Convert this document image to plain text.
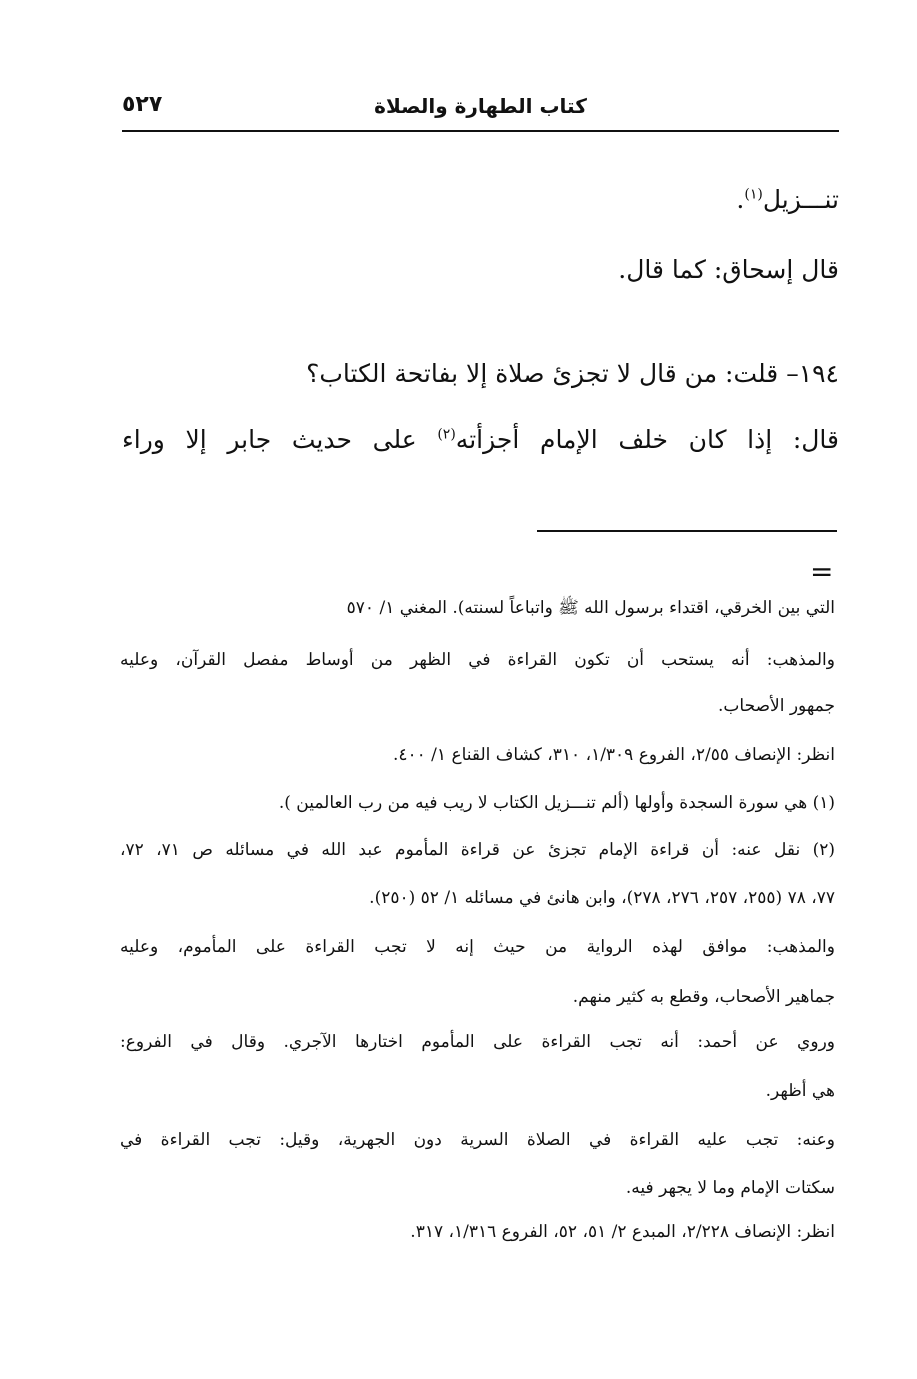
٥٢٧	كتاب الطهارة والصلاة
تنـــزيل$^{(١)}$.
قال إسحاق: كما قال.
١٩٤– قلت: من قال لا تجزئ صلاة إلا بفاتحة الكتاب؟
قال: إذا كان خلف الإمام أجزأته$^{(٢)}$ على حديث جابر إلا وراء
=
التي بين الخرقي، اقتداء برسول الله ﷺ واتباعاً لسنته). المغني ١/ ٥٧٠
والمذهب: أنه يستحب أن تكون القراءة في الظهر من أوساط مفصل القرآن، وعليه
جمهور الأصحاب.
انظر: الإنصاف ٢/٥٥، الفروع ١/٣٠٩، ٣١٠، كشاف القناع ١/ ٤٠٠.
(١) هي سورة السجدة وأولها (ألم تنـــزيل الكتاب لا ريب فيه من رب العالمين ).
(٢) نقل عنه: أن قراءة الإمام تجزئ عن قراءة المأموم عبد الله في مسائله ص ٧١، ٧٢،
٧٧، ٧٨ (٢٥٥، ٢٥٧، ٢٧٦، ٢٧٨)، وابن هانئ في مسائله ١/ ٥٢ (٢٥٠).
والمذهب: موافق لهذه الرواية من حيث إنه لا تجب القراءة على المأموم، وعليه
جماهير الأصحاب، وقطع به كثير منهم.
وروي عن أحمد: أنه تجب القراءة على المأموم اختارها الآجري. وقال في الفروع:
هي أظهر.
وعنه: تجب عليه القراءة في الصلاة السرية دون الجهرية، وقيل: تجب القراءة في
سكتات الإمام وما لا يجهر فيه.
انظر: الإنصاف ٢/٢٢٨، المبدع ٢/ ٥١، ٥٢، الفروع ١/٣١٦، ٣١٧.
